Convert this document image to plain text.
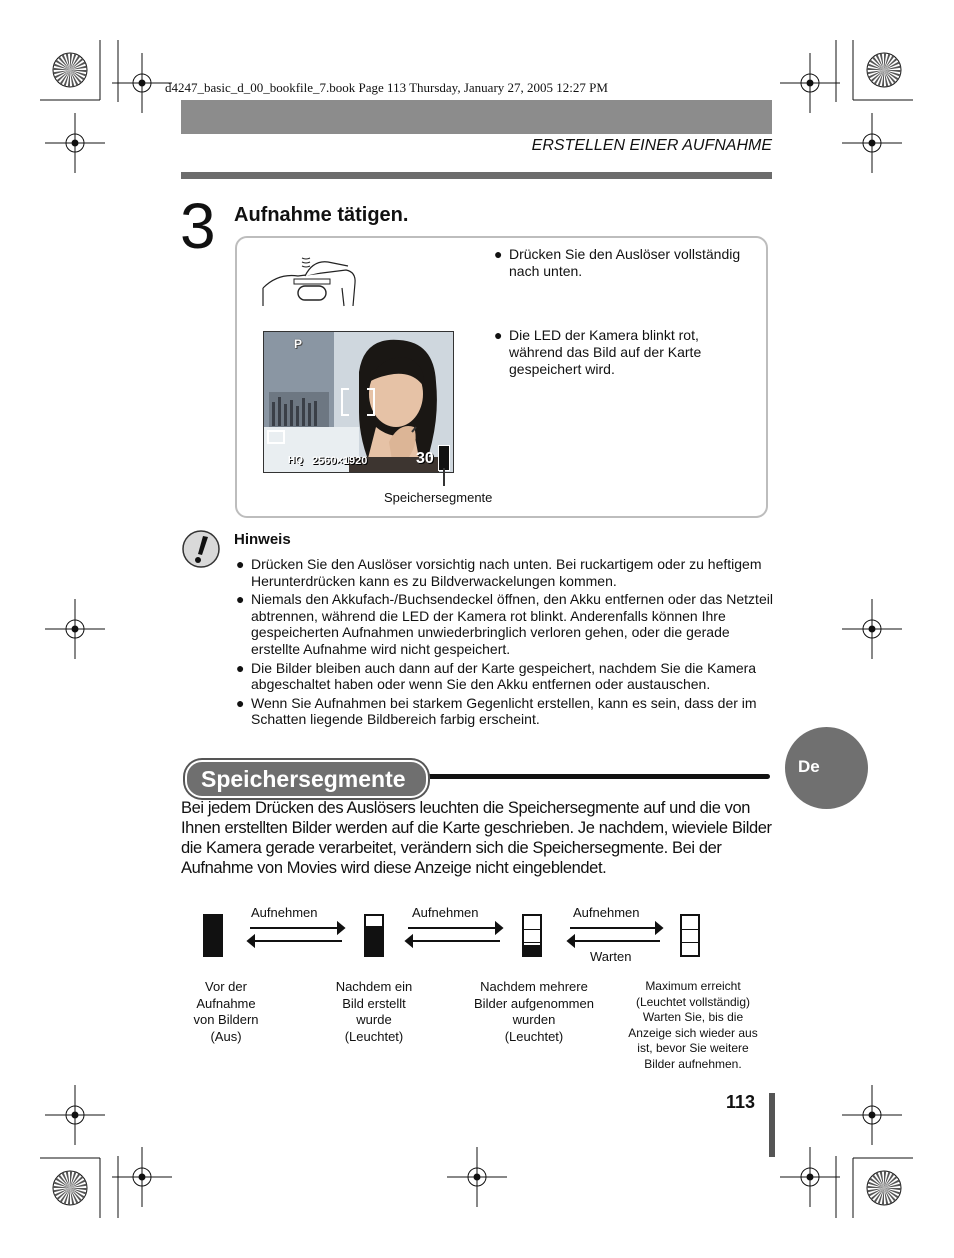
d4247_basic_d_00_bookfile_7.book Page 113 Thursday, January 27, 2005 12:27 PM
ERSTELLEN EINER AUFNAHME
3 Aufnahme tätigen.
● Drücken Sie den Auslöser vollständig nach unten.
● Die LED der Kamera blinkt rot, während das Bild auf der Karte gespeichert wird.
P
HQ 2560×1920	30
Speichersegmente
Hinweis
● Drücken Sie den Auslöser vorsichtig nach unten. Bei ruckartigem oder zu heftigem Herunterdrücken kann es zu Bildverwackelungen kommen.
● Niemals den Akkufach-/Buchsendeckel öffnen, den Akku entfernen oder das Netzteil abtrennen, während die LED der Kamera rot blinkt. Anderenfalls können Ihre gespeicherten Aufnahmen unwiederbringlich verloren gehen, oder die gerade erstellte Aufnahme wird nicht gespeichert.
● Die Bilder bleiben auch dann auf der Karte gespeichert, nachdem Sie die Kamera abgeschaltet haben oder wenn Sie den Akku entfernen oder austauschen.
● Wenn Sie Aufnahmen bei starkem Gegenlicht erstellen, kann es sein, dass der im Schatten liegende Bildbereich farbig erscheint.
Speichersegmente	De
Bei jedem Drücken des Auslösers leuchten die Speichersegmente auf und die von Ihnen erstellten Bilder werden auf die Karte geschrieben. Je nachdem, wieviele Bilder die Kamera gerade verarbeitet, verändern sich die Speichersegmente. Bei der Aufnahme von Movies wird diese Anzeige nicht eingeblendet.
Aufnehmen	Aufnehmen	Aufnehmen
Warten
Vor der
Aufnahme
von Bildern
(Aus)
Nachdem ein
Bild erstellt
wurde
(Leuchtet)
Nachdem mehrere
Bilder aufgenommen
wurden
(Leuchtet)
Maximum erreicht
(Leuchtet vollständig)
Warten Sie, bis die
Anzeige sich wieder aus
ist, bevor Sie weitere
Bilder aufnehmen.
113
